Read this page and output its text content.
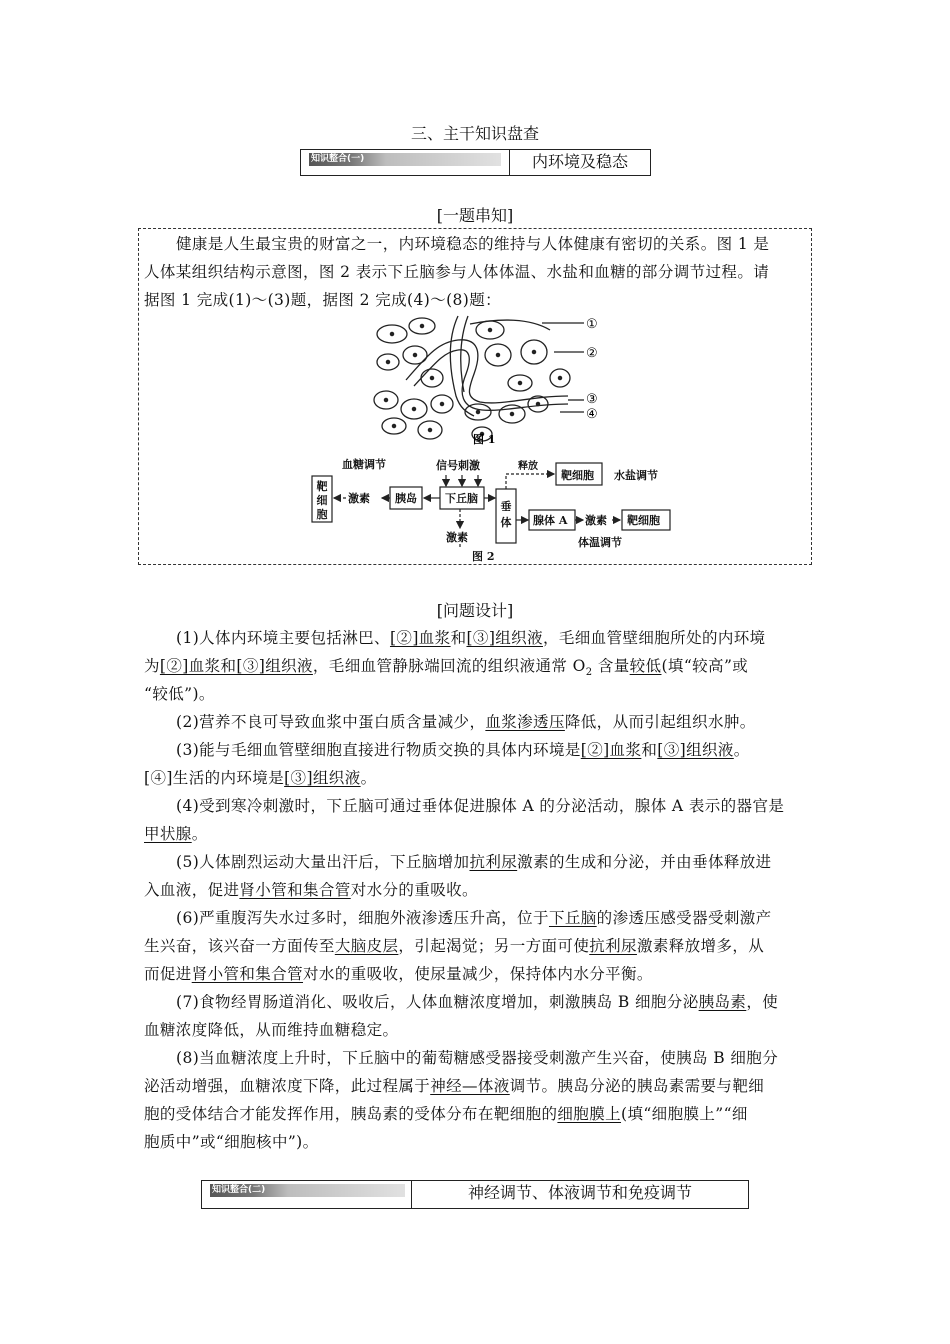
三、主干知识盘查
知识整合(一)	内环境及稳态
[一题串知]
健康是人生最宝贵的财富之一，内环境稳态的维持与人体健康有密切的关系。图 1 是
人体某组织结构示意图，图 2 表示下丘脑参与人体体温、水盐和血糖的部分调节过程。请
据图 1 完成(1)～(3)题，据图 2 完成(4)～(8)题：
①
②
③
④
图 1
血糖调节	信号刺激	释放
靶细胞 水盐调节
激素 胰岛	下丘脑
腺体 A 激素 靶细胞
激素	体温调节
图 2
靶
细
胞
垂
体
[问题设计]
(1)人体内环境主要包括淋巴、[②]血浆和[③]组织液，毛细血管壁细胞所处的内环境
为[②]血浆和[③]组织液，毛细血管静脉端回流的组织液通常 $O_2$ 含量较低(填“较高”或
“较低”)。
(2)营养不良可导致血浆中蛋白质含量减少，血浆渗透压降低，从而引起组织水肿。
(3)能与毛细血管壁细胞直接进行物质交换的具体内环境是[②]血浆和[③]组织液。
[④]生活的内环境是[③]组织液。
(4)受到寒冷刺激时，下丘脑可通过垂体促进腺体 A 的分泌活动，腺体 A 表示的器官是
甲状腺。
(5)人体剧烈运动大量出汗后，下丘脑增加抗利尿激素的生成和分泌，并由垂体释放进
入血液，促进肾小管和集合管对水分的重吸收。
(6)严重腹泻失水过多时，细胞外液渗透压升高，位于下丘脑的渗透压感受器受刺激产
生兴奋，该兴奋一方面传至大脑皮层，引起渴觉；另一方面可使抗利尿激素释放增多，从
而促进肾小管和集合管对水的重吸收，使尿量减少，保持体内水分平衡。
(7)食物经胃肠道消化、吸收后，人体血糖浓度增加，刺激胰岛 B 细胞分泌胰岛素，使
血糖浓度降低，从而维持血糖稳定。
(8)当血糖浓度上升时，下丘脑中的葡萄糖感受器接受刺激产生兴奋，使胰岛 B 细胞分
泌活动增强，血糖浓度下降，此过程属于神经—体液调节。胰岛分泌的胰岛素需要与靶细
胞的受体结合才能发挥作用，胰岛素的受体分布在靶细胞的细胞膜上(填“细胞膜上”“细
胞质中”或“细胞核中”)。
知识整合(二)	神经调节、体液调节和免疫调节
